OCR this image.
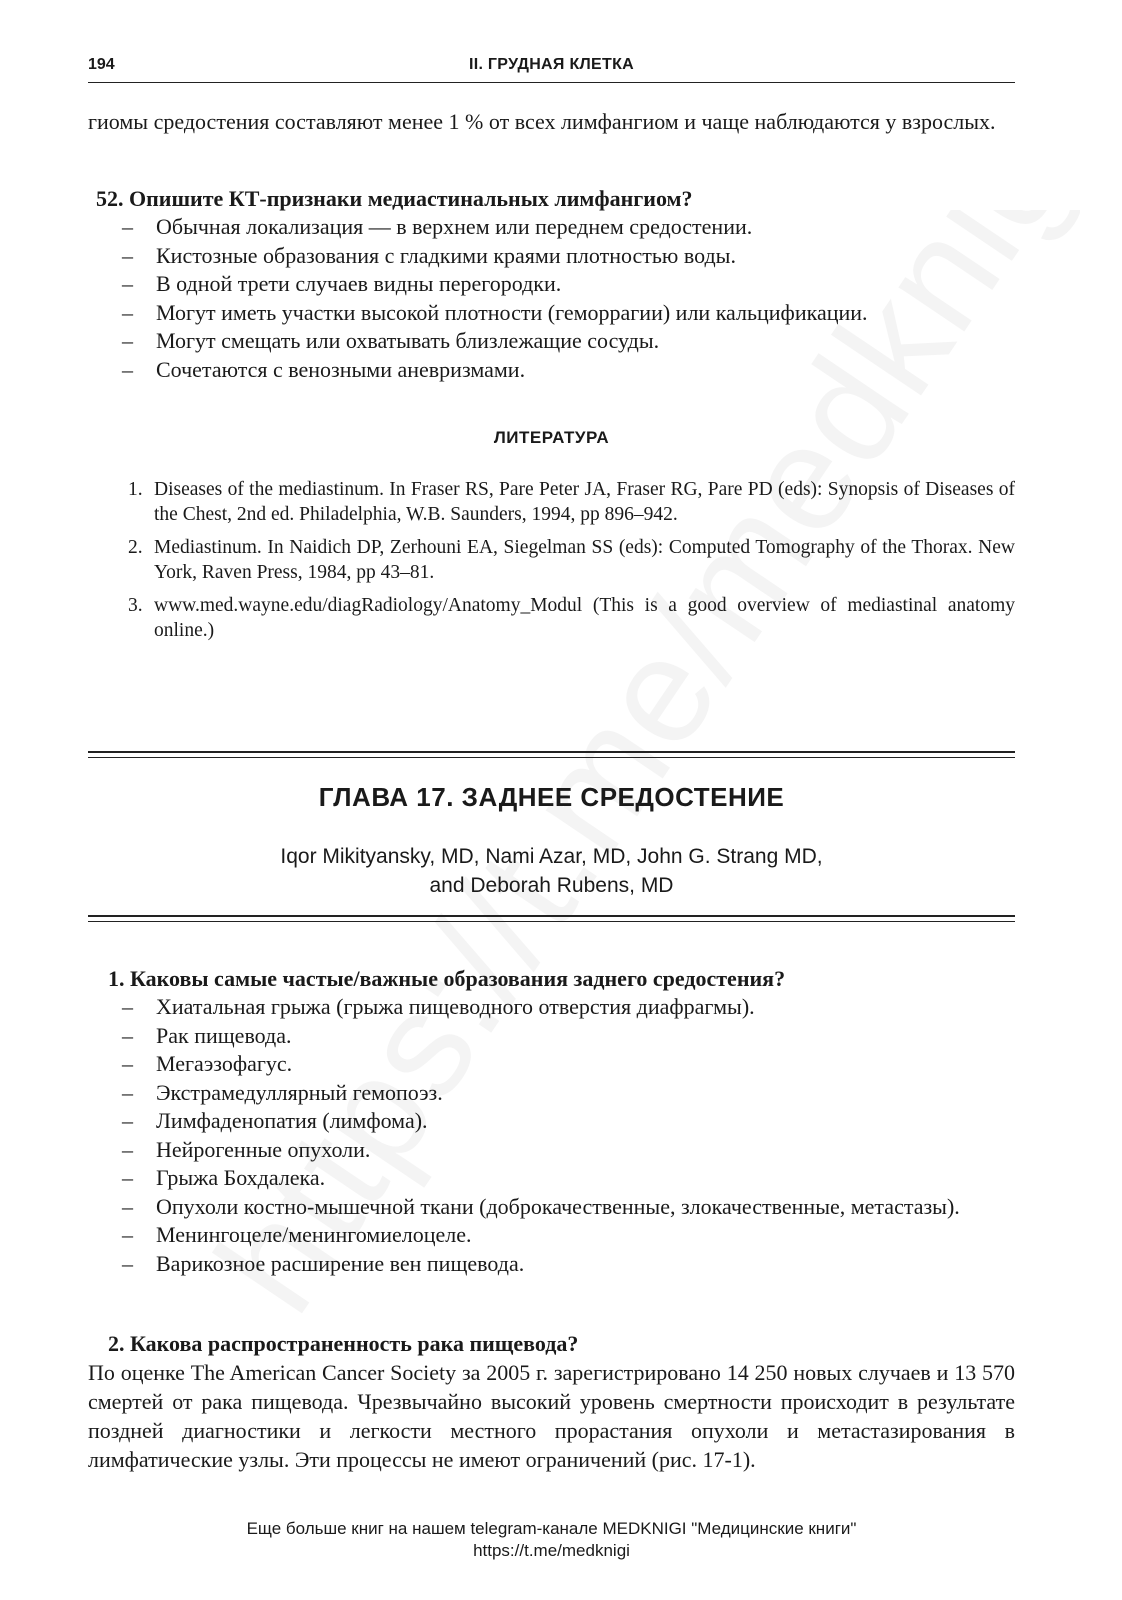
194	II. ГРУДНАЯ КЛЕТКА
гиомы средостения составляют менее 1 % от всех лимфангиом и чаще наблюдаются у взрослых.
52. Опишите КТ-признаки медиастинальных лимфангиом?
– Обычная локализация — в верхнем или переднем средостении.
– Кистозные образования с гладкими краями плотностью воды.
– В одной трети случаев видны перегородки.
– Могут иметь участки высокой плотности (геморрагии) или кальцификации.
– Могут смещать или охватывать близлежащие сосуды.
– Сочетаются с венозными аневризмами.
ЛИТЕРАТУРА
1. Diseases of the mediastinum. In Fraser RS, Pare Peter JA, Fraser RG, Pare PD (eds): Synopsis of Diseases of the Chest, 2nd ed. Philadelphia, W.B. Saunders, 1994, pp 896–942.
2. Mediastinum. In Naidich DP, Zerhouni EA, Siegelman SS (eds): Computed Tomography of the Thorax. New York, Raven Press, 1984, pp 43–81.
3. www.med.wayne.edu/diagRadiology/Anatomy_Modul (This is a good overview of mediastinal anatomy online.)
ГЛАВА 17. ЗАДНЕЕ СРЕДОСТЕНИЕ
Iqor Mikityansky, MD, Nami Azar, MD, John G. Strang MD,
and Deborah Rubens, MD
1. Каковы самые частые/важные образования заднего средостения?
– Хиатальная грыжа (грыжа пищеводного отверстия диафрагмы).
– Рак пищевода.
– Мегаэзофагус.
– Экстрамедуллярный гемопоэз.
– Лимфаденопатия (лимфома).
– Нейрогенные опухоли.
– Грыжа Бохдалека.
– Опухоли костно-мышечной ткани (доброкачественные, злокачественные, метастазы).
– Менингоцеле/менингомиелоцеле.
– Варикозное расширение вен пищевода.
2. Какова распространенность рака пищевода?
По оценке The American Cancer Society за 2005 г. зарегистрировано 14 250 новых случаев и 13 570 смертей от рака пищевода. Чрезвычайно высокий уровень смертности происходит в результате поздней диагностики и легкости местного прорастания опухоли и метастазирования в лимфатические узлы. Эти процессы не имеют ограничений (рис. 17-1).
Еще больше книг на нашем telegram-канале MEDKNIGI "Медицинские книги"
https://t.me/medknigi
